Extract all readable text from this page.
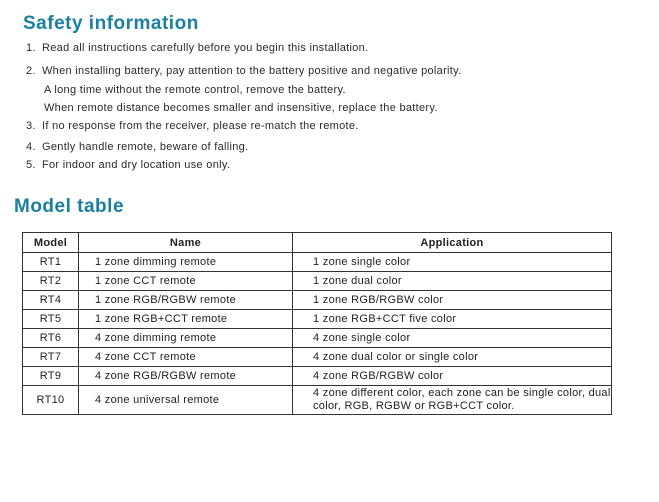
Safety information
1. Read all instructions carefully before you begin this installation.
2. When installing battery, pay attention to the battery positive and negative polarity.
A long time without the remote control, remove the battery.
When remote distance becomes smaller and insensitive, replace the battery.
3. If no response from the receiver, please re-match the remote.
4. Gently handle remote, beware of falling.
5. For indoor and dry location use only.
Model table
Model	Name	Application
RT1	1 zone dimming remote	1 zone single color
RT2	1 zone CCT remote	1 zone dual color
RT4	1 zone RGB/RGBW remote	1 zone RGB/RGBW color
RT5	1 zone RGB+CCT remote	1 zone RGB+CCT five color
RT6	4 zone dimming remote	4 zone single color
RT7	4 zone CCT remote	4 zone dual color or single color
RT9	4 zone RGB/RGBW remote	4 zone RGB/RGBW color
RT10	4 zone universal remote	4 zone different color, each zone can be single color, dual color, RGB, RGBW or RGB+CCT color.
